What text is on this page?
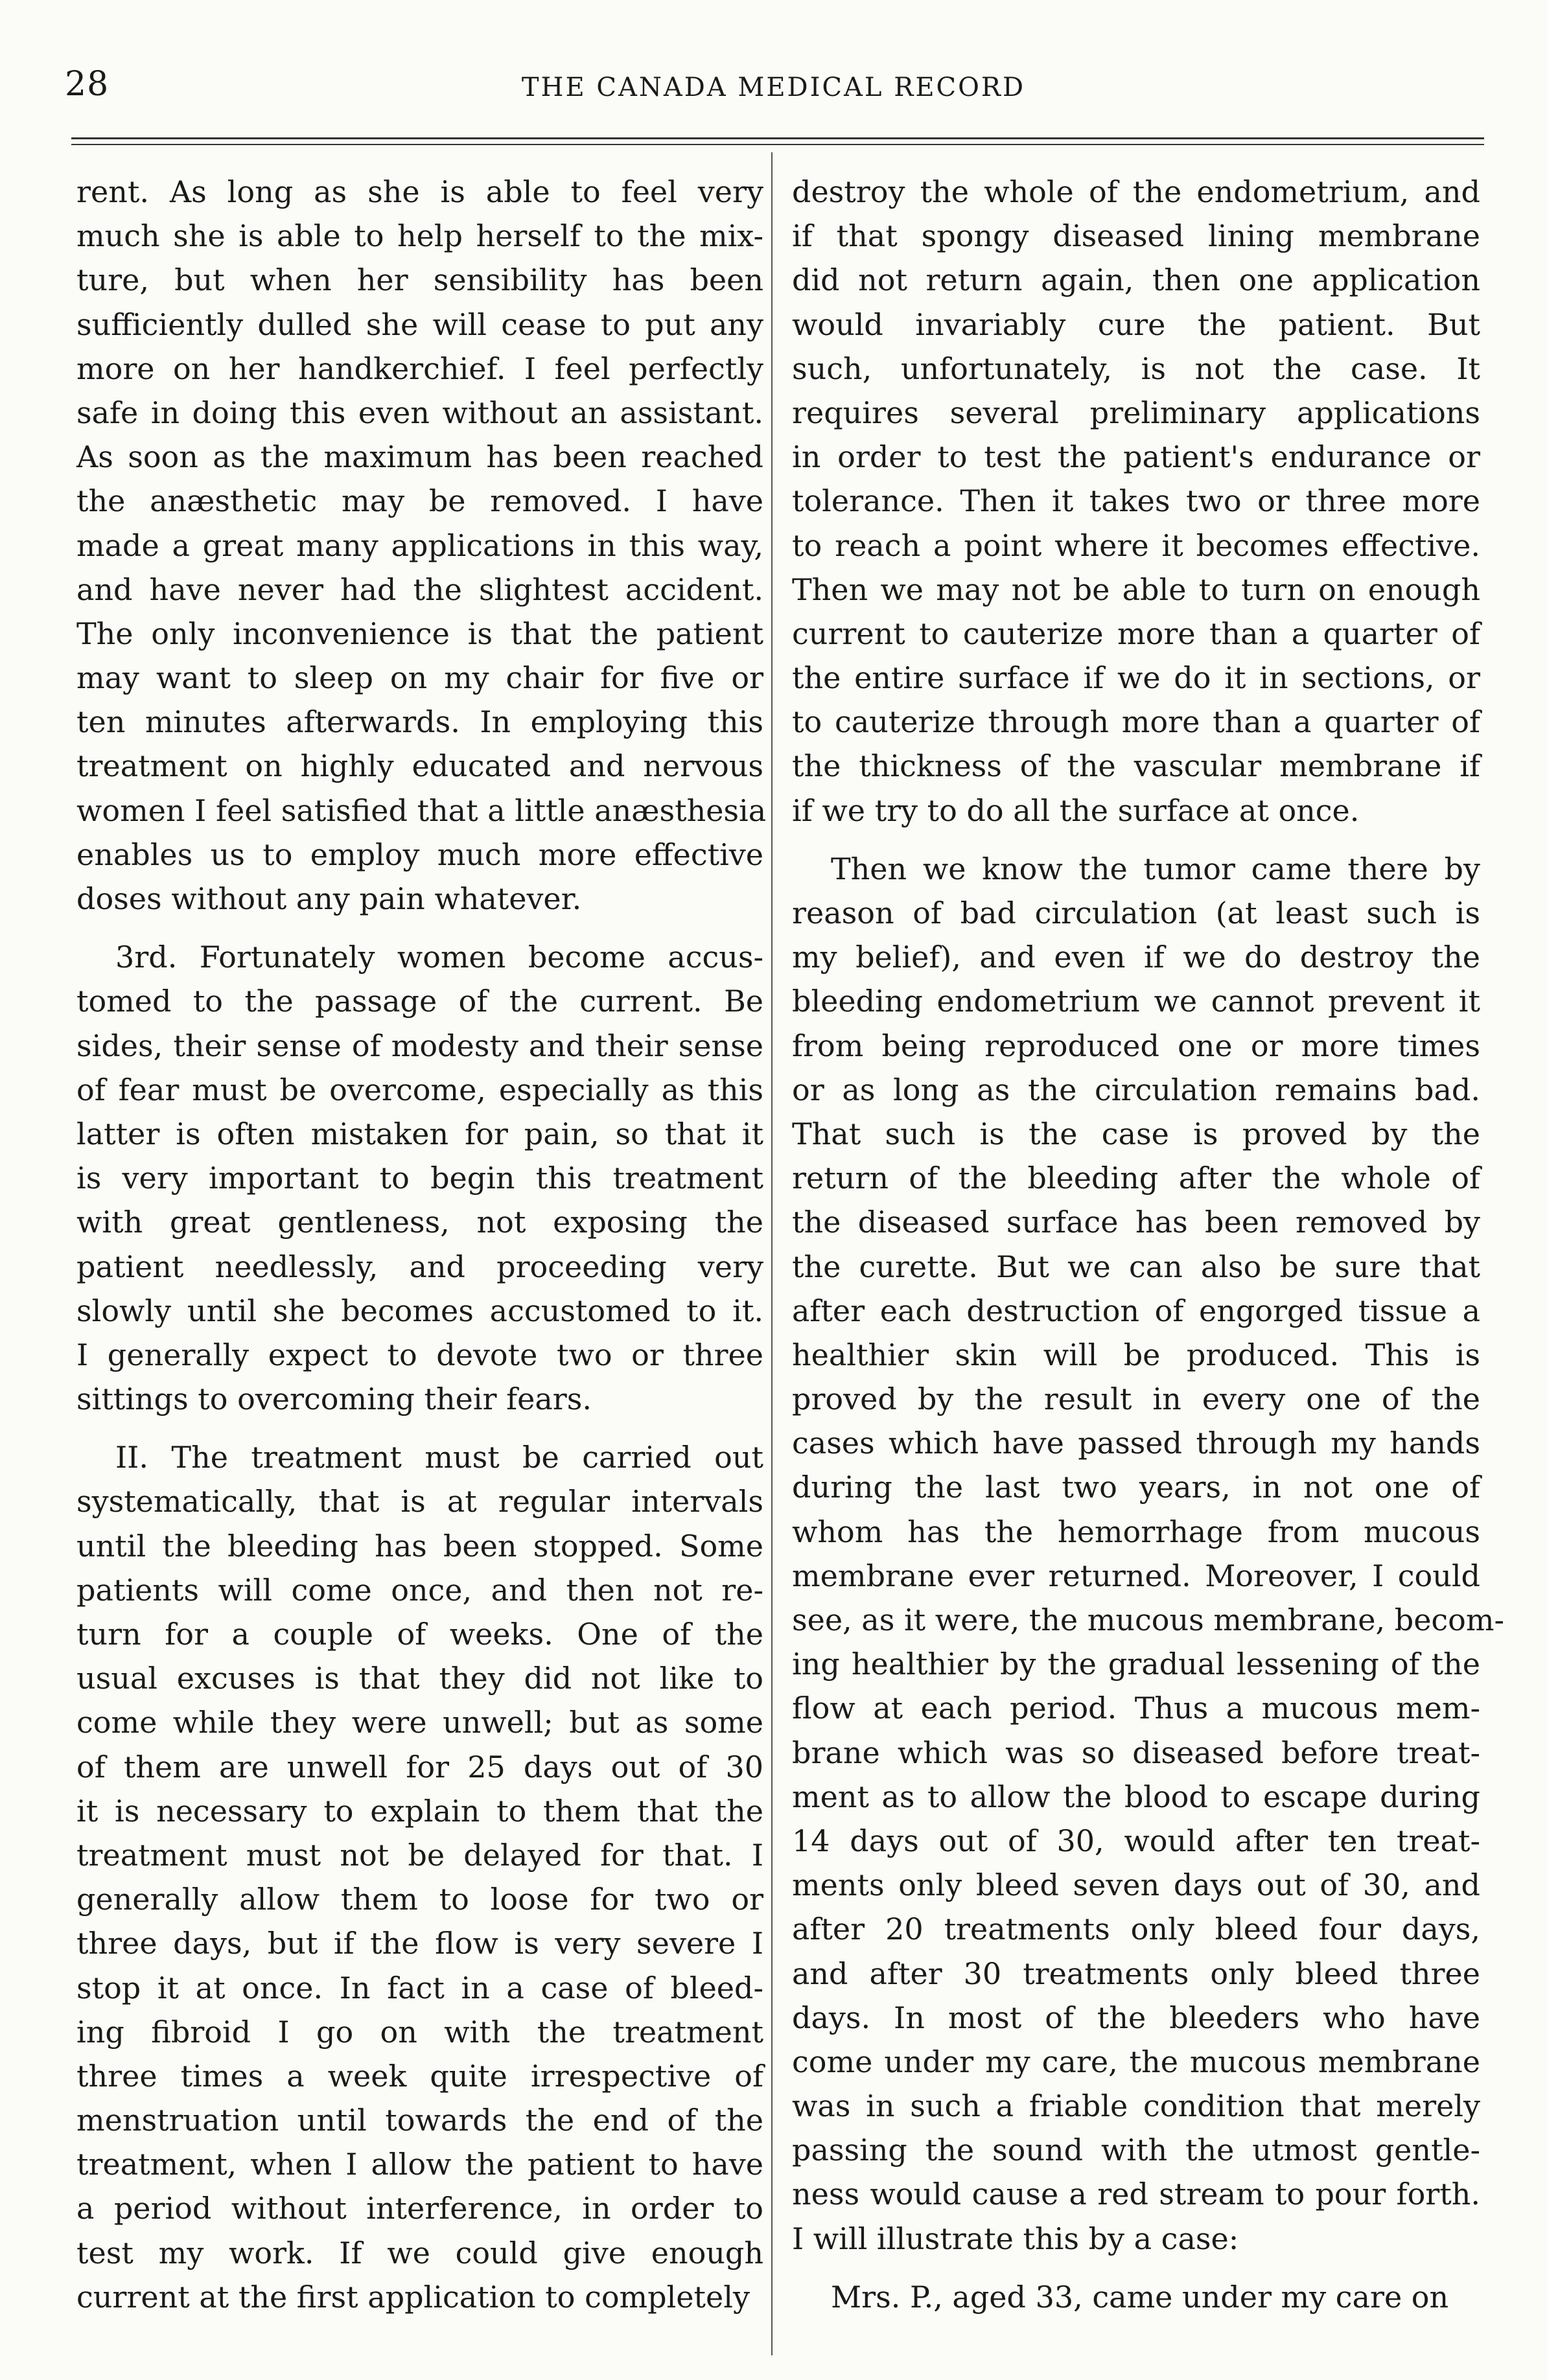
28	THE CANADA MEDICAL RECORD
rent. As long as she is able to feel very
much she is able to help herself to the mix-
ture, but when her sensibility has been
sufficiently dulled she will cease to put any
more on her handkerchief. I feel perfectly
safe in doing this even without an assistant.
As soon as the maximum has been reached
the anæsthetic may be removed. I have
made a great many applications in this way,
and have never had the slightest accident.
The only inconvenience is that the patient
may want to sleep on my chair for five or
ten minutes afterwards. In employing this
treatment on highly educated and nervous
women I feel satisfied that a little anæsthesia
enables us to employ much more effective
doses without any pain whatever.
3rd. Fortunately women become accus-
tomed to the passage of the current. Be
sides, their sense of modesty and their sense
of fear must be overcome, especially as this
latter is often mistaken for pain, so that it
is very important to begin this treatment
with great gentleness, not exposing the
patient needlessly, and proceeding very
slowly until she becomes accustomed to it.
I generally expect to devote two or three
sittings to overcoming their fears.
II. The treatment must be carried out
systematically, that is at regular intervals
until the bleeding has been stopped. Some
patients will come once, and then not re-
turn for a couple of weeks. One of the
usual excuses is that they did not like to
come while they were unwell; but as some
of them are unwell for 25 days out of 30
it is necessary to explain to them that the
treatment must not be delayed for that. I
generally allow them to loose for two or
three days, but if the flow is very severe I
stop it at once. In fact in a case of bleed-
ing fibroid I go on with the treatment
three times a week quite irrespective of
menstruation until towards the end of the
treatment, when I allow the patient to have
a period without interference, in order to
test my work. If we could give enough
current at the first application to completely
destroy the whole of the endometrium, and
if that spongy diseased lining membrane
did not return again, then one application
would invariably cure the patient. But
such, unfortunately, is not the case. It
requires several preliminary applications
in order to test the patient's endurance or
tolerance. Then it takes two or three more
to reach a point where it becomes effective.
Then we may not be able to turn on enough
current to cauterize more than a quarter of
the entire surface if we do it in sections, or
to cauterize through more than a quarter of
the thickness of the vascular membrane if
if we try to do all the surface at once.
Then we know the tumor came there by
reason of bad circulation (at least such is
my belief), and even if we do destroy the
bleeding endometrium we cannot prevent it
from being reproduced one or more times
or as long as the circulation remains bad.
That such is the case is proved by the
return of the bleeding after the whole of
the diseased surface has been removed by
the curette. But we can also be sure that
after each destruction of engorged tissue a
healthier skin will be produced. This is
proved by the result in every one of the
cases which have passed through my hands
during the last two years, in not one of
whom has the hemorrhage from mucous
membrane ever returned. Moreover, I could
see, as it were, the mucous membrane, becom-
ing healthier by the gradual lessening of the
flow at each period. Thus a mucous mem-
brane which was so diseased before treat-
ment as to allow the blood to escape during
14 days out of 30, would after ten treat-
ments only bleed seven days out of 30, and
after 20 treatments only bleed four days,
and after 30 treatments only bleed three
days. In most of the bleeders who have
come under my care, the mucous membrane
was in such a friable condition that merely
passing the sound with the utmost gentle-
ness would cause a red stream to pour forth.
I will illustrate this by a case:
Mrs. P., aged 33, came under my care on
